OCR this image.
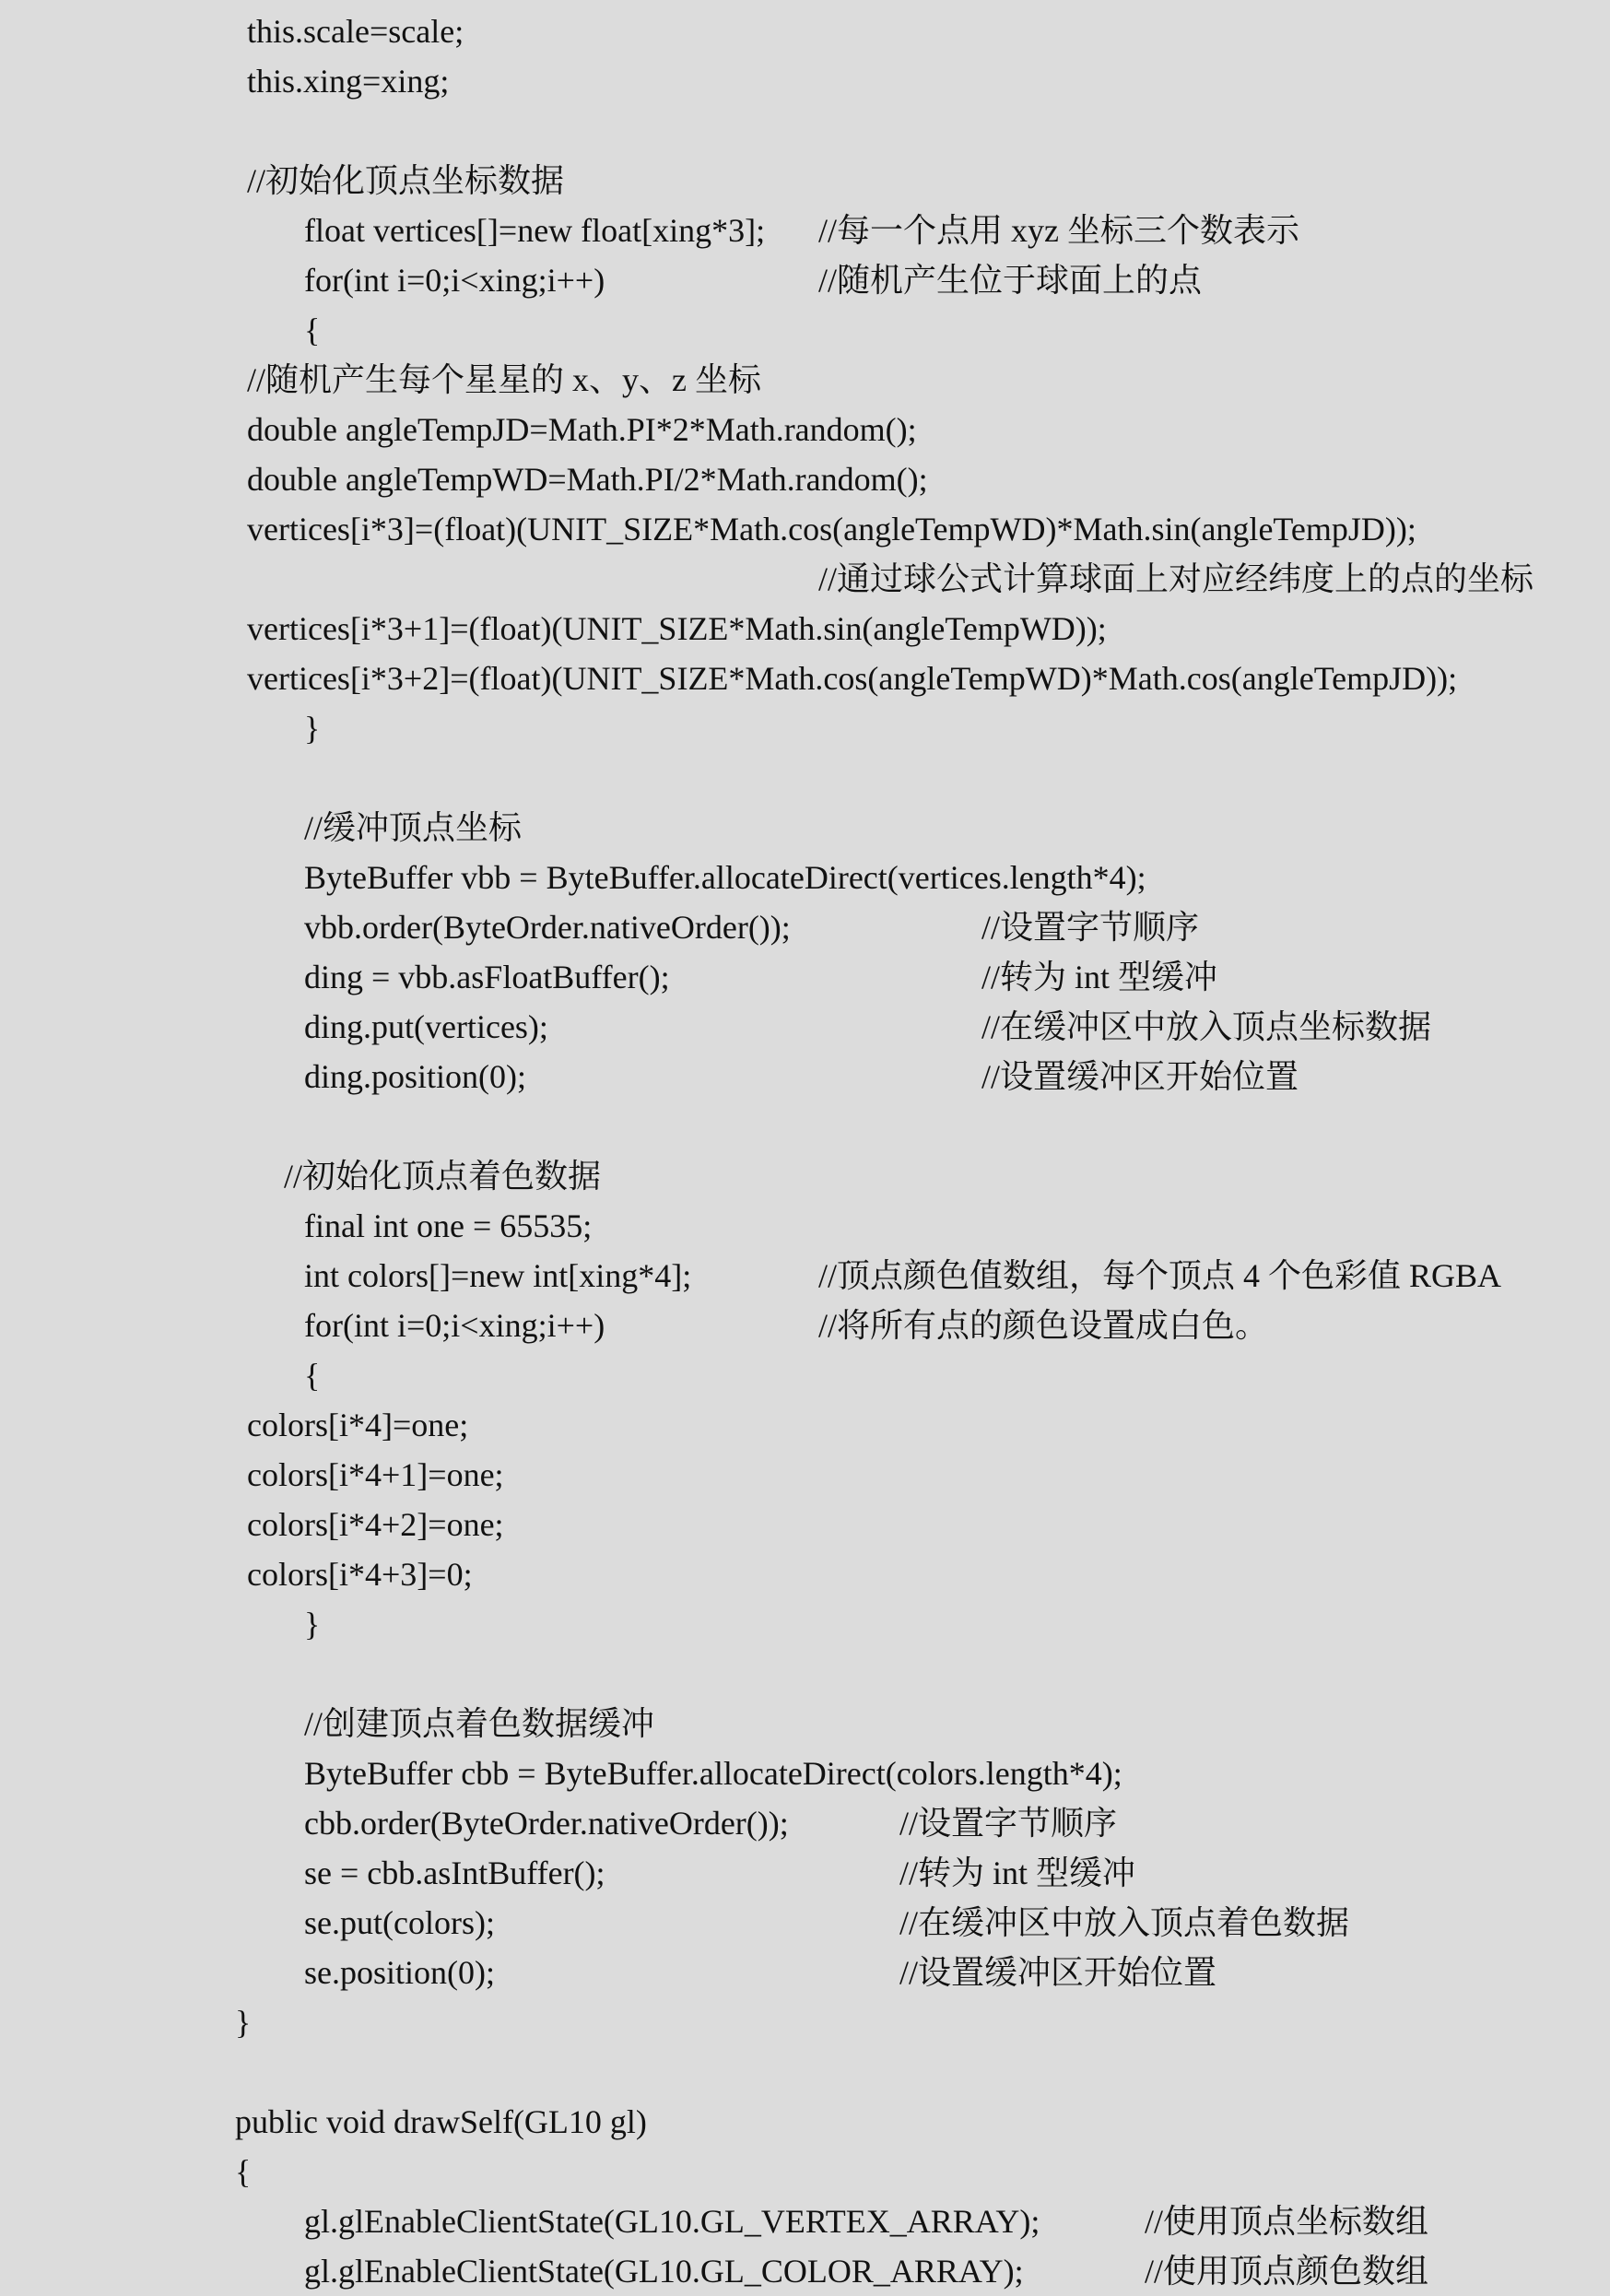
this.scale=scale;
this.xing=xing;
//初始化顶点坐标数据
float vertices[]=new float[xing*3]; //每一个点用 xyz 坐标三个数表示
for(int i=0;i<xing;i++)	//随机产生位于球面上的点
{
//随机产生每个星星的 x、y、z 坐标
double angleTempJD=Math.PI*2*Math.random();
double angleTempWD=Math.PI/2*Math.random();
vertices[i*3]=(float)(UNIT_SIZE*Math.cos(angleTempWD)*Math.sin(angleTempJD));
//通过球公式计算球面上对应经纬度上的点的坐标
vertices[i*3+1]=(float)(UNIT_SIZE*Math.sin(angleTempWD));
vertices[i*3+2]=(float)(UNIT_SIZE*Math.cos(angleTempWD)*Math.cos(angleTempJD));
}
//缓冲顶点坐标
ByteBuffer vbb = ByteBuffer.allocateDirect(vertices.length*4);
vbb.order(ByteOrder.nativeOrder());	//设置字节顺序
ding = vbb.asFloatBuffer();	//转为 int 型缓冲
ding.put(vertices);	//在缓冲区中放入顶点坐标数据
ding.position(0);	//设置缓冲区开始位置
//初始化顶点着色数据
final int one = 65535;
int colors[]=new int[xing*4];	//顶点颜色值数组，每个顶点 4 个色彩值 RGBA
for(int i=0;i<xing;i++)	//将所有点的颜色设置成白色。
{
colors[i*4]=one;
colors[i*4+1]=one;
colors[i*4+2]=one;
colors[i*4+3]=0;
}
//创建顶点着色数据缓冲
ByteBuffer cbb = ByteBuffer.allocateDirect(colors.length*4);
cbb.order(ByteOrder.nativeOrder());	//设置字节顺序
se = cbb.asIntBuffer();	//转为 int 型缓冲
se.put(colors);	//在缓冲区中放入顶点着色数据
se.position(0);	//设置缓冲区开始位置
}
public void drawSelf(GL10 gl)
{
gl.glEnableClientState(GL10.GL_VERTEX_ARRAY);	//使用顶点坐标数组
gl.glEnableClientState(GL10.GL_COLOR_ARRAY);	//使用顶点颜色数组
